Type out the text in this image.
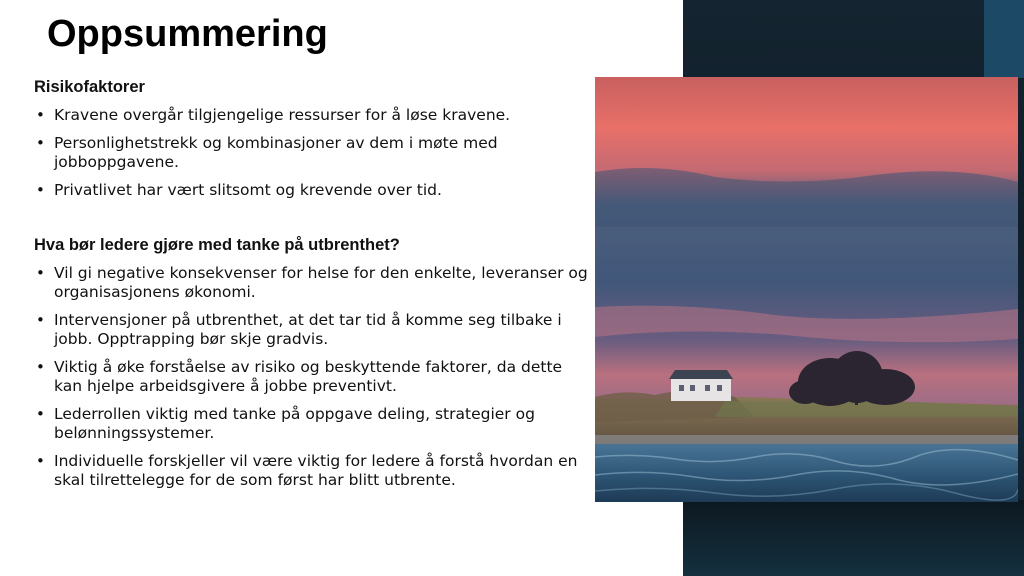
Oppsummering

Risikofaktorer

• Kravene overgår tilgjengelige ressurser for å løse kravene.
• Personlighetstrekk og kombinasjoner av dem i møte med jobboppgavene.
• Privatlivet har vært slitsomt og krevende over tid.

Hva bør ledere gjøre med tanke på utbrenthet?

• Vil gi negative konsekvenser for helse for den enkelte, leveranser og organisasjonens økonomi.
• Intervensjoner på utbrenthet, at det tar tid å komme seg tilbake i jobb. Opptrapping bør skje gradvis.
• Viktig å øke forståelse av risiko og beskyttende faktorer, da dette kan hjelpe arbeidsgivere å jobbe preventivt.
• Lederrollen viktig med tanke på oppgave deling, strategier og belønningssystemer.
• Individuelle forskjeller vil være viktig for ledere å forstå hvordan en skal tilrettelegge for de som først har blitt utbrente.
